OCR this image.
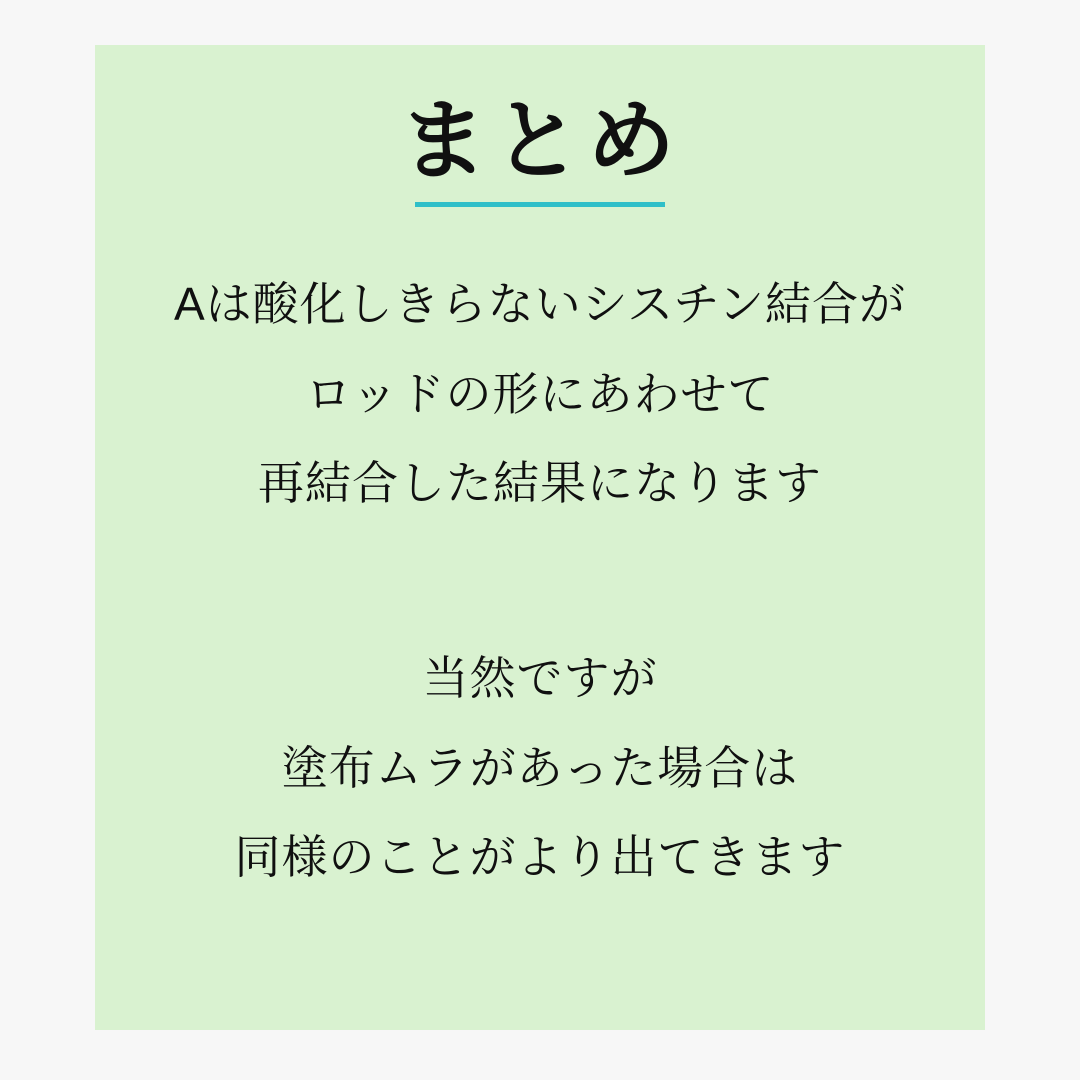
まとめ
Aは酸化しきらないシスチン結合が
ロッドの形にあわせて
再結合した結果になります
当然ですが
塗布ムラがあった場合は
同様のことがより出てきます
